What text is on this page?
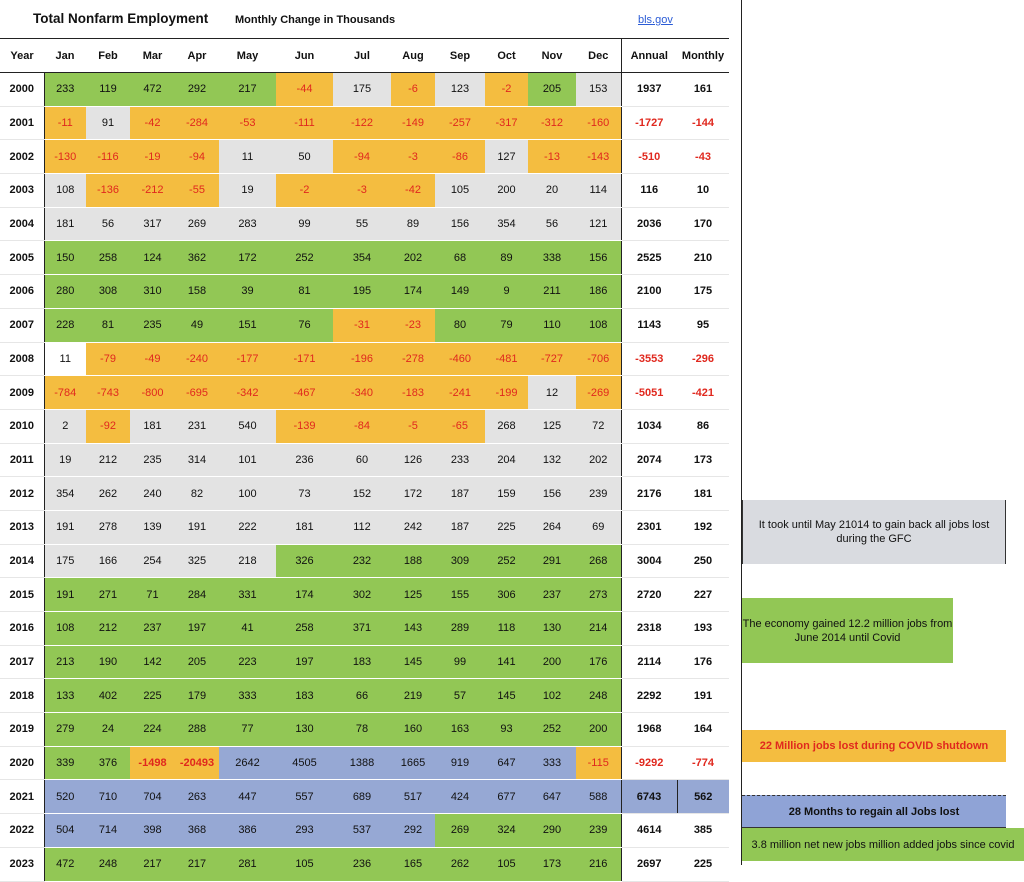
Total Nonfarm Employment Monthly Change in Thousands	bls.gov
Year	Jan	Feb	Mar	Apr	May	Jun	Jul	Aug	Sep	Oct	Nov	Dec	Annual	Monthly
2000	233	119	472	292	217	-44	175	-6	123	-2	205	153	1937	161
2001	-11	91	-42	-284	-53	-111	-122	-149	-257	-317	-312	-160	-1727	-144
2002	-130	-116	-19	-94	11	50	-94	-3	-86	127	-13	-143	-510	-43
2003	108	-136	-212	-55	19	-2	-3	-42	105	200	20	114	116	10
2004	181	56	317	269	283	99	55	89	156	354	56	121	2036	170
2005	150	258	124	362	172	252	354	202	68	89	338	156	2525	210
2006	280	308	310	158	39	81	195	174	149	9	211	186	2100	175
2007	228	81	235	49	151	76	-31	-23	80	79	110	108	1143	95
2008	11	-79	-49	-240	-177	-171	-196	-278	-460	-481	-727	-706	-3553	-296
2009	-784	-743	-800	-695	-342	-467	-340	-183	-241	-199	12	-269	-5051	-421
2010	2	-92	181	231	540	-139	-84	-5	-65	268	125	72	1034	86
2011	19	212	235	314	101	236	60	126	233	204	132	202	2074	173
2012	354	262	240	82	100	73	152	172	187	159	156	239	2176	181
2013	191	278	139	191	222	181	112	242	187	225	264	69	2301	192
2014	175	166	254	325	218	326	232	188	309	252	291	268	3004	250
2015	191	271	71	284	331	174	302	125	155	306	237	273	2720	227
2016	108	212	237	197	41	258	371	143	289	118	130	214	2318	193
2017	213	190	142	205	223	197	183	145	99	141	200	176	2114	176
2018	133	402	225	179	333	183	66	219	57	145	102	248	2292	191
2019	279	24	224	288	77	130	78	160	163	93	252	200	1968	164
2020	339	376	-1498	-20493	2642	4505	1388	1665	919	647	333	-115	-9292	-774
2021	520	710	704	263	447	557	689	517	424	677	647	588	6743	562
2022	504	714	398	368	386	293	537	292	269	324	290	239	4614	385
2023	472	248	217	217	281	105	236	165	262	105	173	216	2697	225
It took until May 21014 to gain back all jobs lost during the GFC
The economy gained 12.2 million jobs from June 2014 until Covid
22 Million jobs lost during COVID shutdown
28 Months to regain all Jobs lost
3.8 million net new jobs million added jobs since covid
